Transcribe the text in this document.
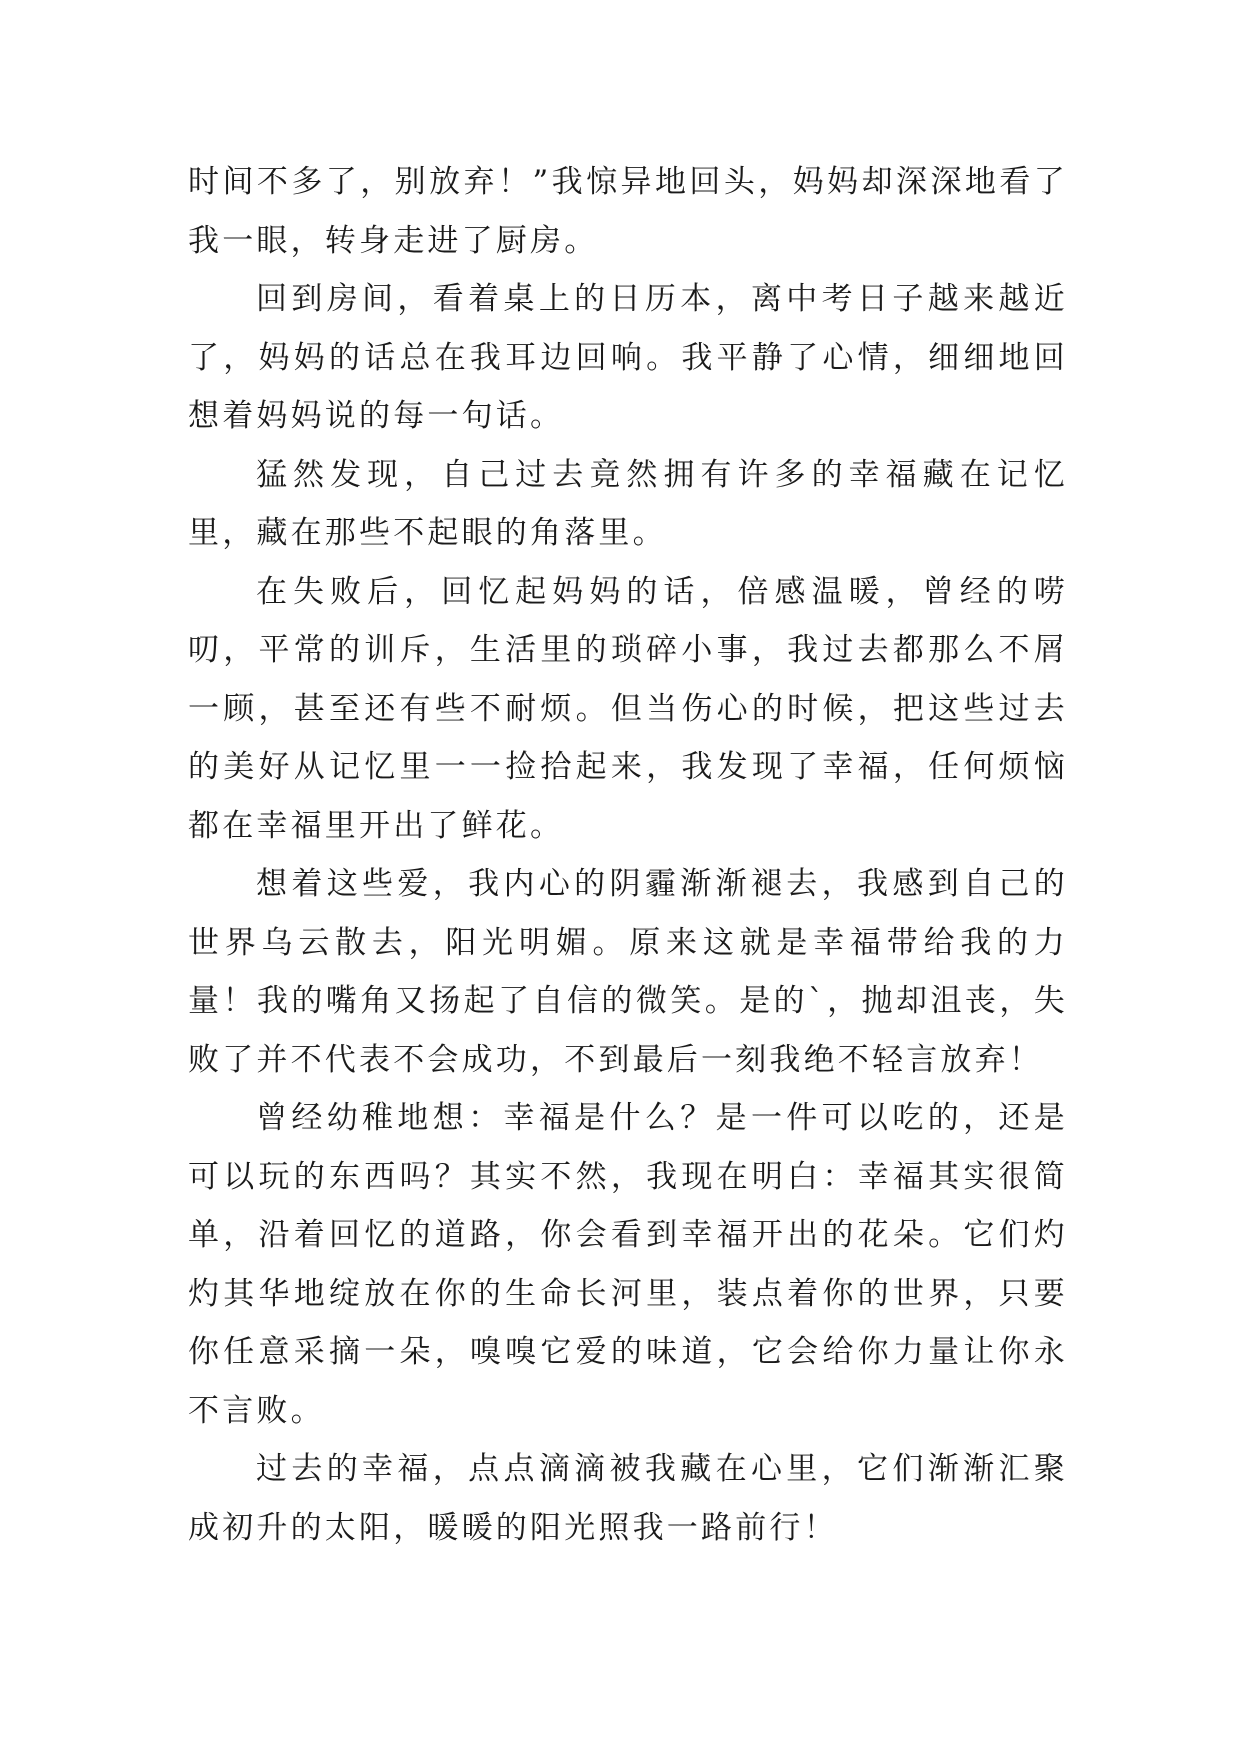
时间不多了，别放弃！”我惊异地回头，妈妈却深深地看了我一眼，转身走进了厨房。

回到房间，看着桌上的日历本，离中考日子越来越近了，妈妈的话总在我耳边回响。我平静了心情，细细地回想着妈妈说的每一句话。

猛然发现，自己过去竟然拥有许多的幸福藏在记忆里，藏在那些不起眼的角落里。

在失败后，回忆起妈妈的话，倍感温暖，曾经的唠叨，平常的训斥，生活里的琐碎小事，我过去都那么不屑一顾，甚至还有些不耐烦。但当伤心的时候，把这些过去的美好从记忆里一一捡拾起来，我发现了幸福，任何烦恼都在幸福里开出了鲜花。

想着这些爱，我内心的阴霾渐渐褪去，我感到自己的世界乌云散去，阳光明媚。原来这就是幸福带给我的力量！我的嘴角又扬起了自信的微笑。是的`，抛却沮丧，失败了并不代表不会成功，不到最后一刻我绝不轻言放弃！

曾经幼稚地想：幸福是什么？是一件可以吃的，还是可以玩的东西吗？其实不然，我现在明白：幸福其实很简单，沿着回忆的道路，你会看到幸福开出的花朵。它们灼灼其华地绽放在你的生命长河里，装点着你的世界，只要你任意采摘一朵，嗅嗅它爱的味道，它会给你力量让你永不言败。

过去的幸福，点点滴滴被我藏在心里，它们渐渐汇聚成初升的太阳，暖暖的阳光照我一路前行！
